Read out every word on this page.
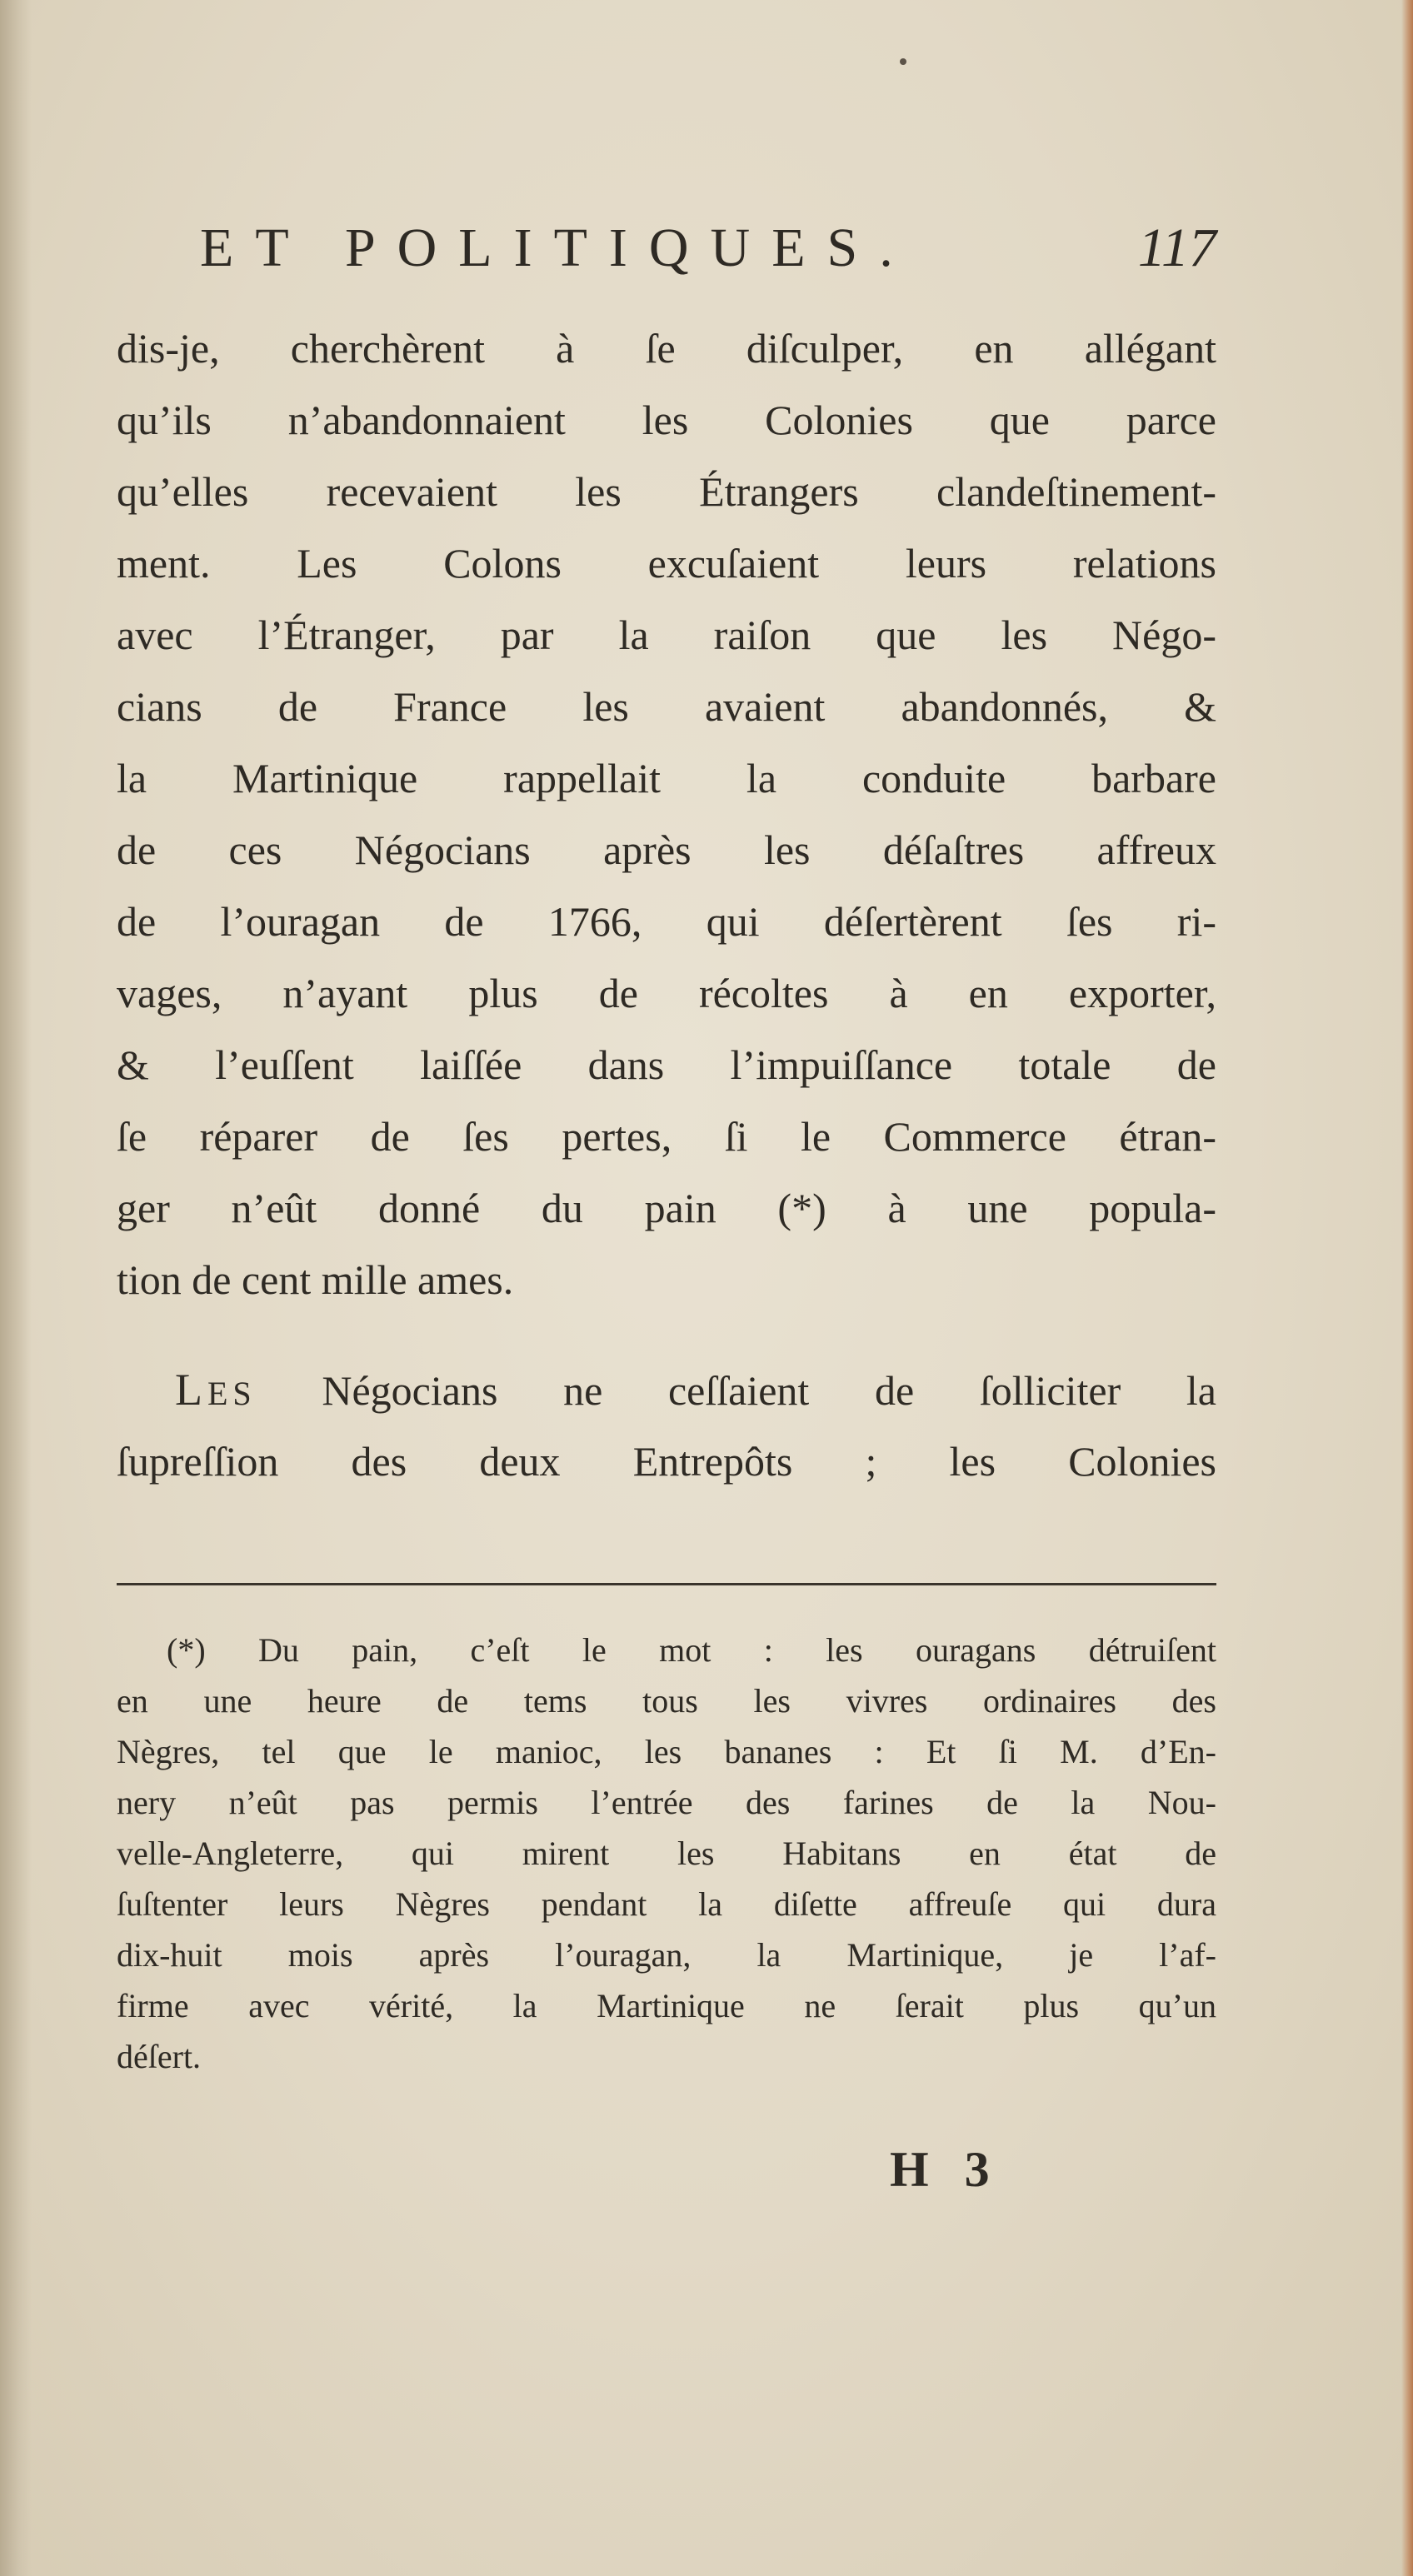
ET POLITIQUES.	117
dis-je, cherchèrent à ſe diſculper, en allégant
qu’ils n’abandonnaient les Colonies que parce
qu’elles recevaient les Étrangers clandeſtinement-
ment. Les Colons excuſaient leurs relations
avec l’Étranger, par la raiſon que les Négo-
cians de France les avaient abandonnés, &
la Martinique rappellait la conduite barbare
de ces Négocians après les déſaſtres affreux
de l’ouragan de 1766, qui déſertèrent ſes ri-
vages, n’ayant plus de récoltes à en exporter,
& l’euſſent laiſſée dans l’impuiſſance totale de
ſe réparer de ſes pertes, ſi le Commerce étran-
ger n’eût donné du pain (*) à une popula-
tion de cent mille ames.
LES Négocians ne ceſſaient de ſolliciter la
ſupreſſion des deux Entrepôts ; les Colonies
(*) Du pain, c’eſt le mot : les ouragans détruiſent
en une heure de tems tous les vivres ordinaires des
Nègres, tel que le manioc, les bananes : Et ſi M. d’En-
nery n’eût pas permis l’entrée des farines de la Nou-
velle-Angleterre, qui mirent les Habitans en état de
ſuſtenter leurs Nègres pendant la diſette affreuſe qui dura
dix-huit mois après l’ouragan, la Martinique, je l’af-
firme avec vérité, la Martinique ne ſerait plus qu’un
déſert.
H 3
